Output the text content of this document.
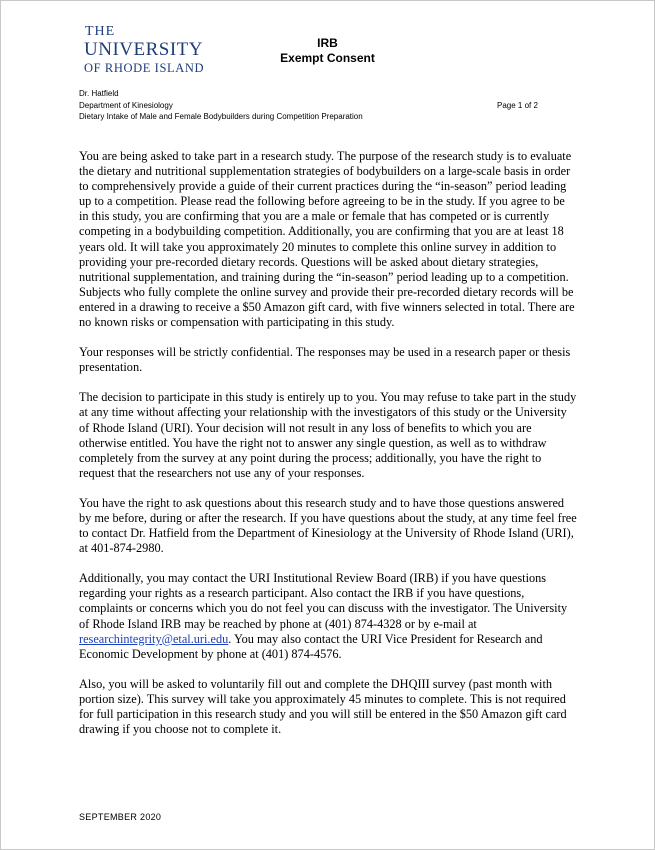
THE
UNIVERSITY
OF RHODE ISLAND
IRB
Exempt Consent
Dr. Hatfield
Department of Kinesiology
Dietary Intake of Male and Female Bodybuilders during Competition Preparation
Page 1 of 2

You are being asked to take part in a research study. The purpose of the research study is to evaluate the dietary and nutritional supplementation strategies of bodybuilders on a large-scale basis in order to comprehensively provide a guide of their current practices during the “in-season” period leading up to a competition. Please read the following before agreeing to be in the study. If you agree to be in this study, you are confirming that you are a male or female that has competed or is currently competing in a bodybuilding competition. Additionally, you are confirming that you are at least 18 years old. It will take you approximately 20 minutes to complete this online survey in addition to providing your pre-recorded dietary records. Questions will be asked about dietary strategies, nutritional supplementation, and training during the “in-season” period leading up to a competition. Subjects who fully complete the online survey and provide their pre-recorded dietary records will be entered in a drawing to receive a $50 Amazon gift card, with five winners selected in total. There are no known risks or compensation with participating in this study.

Your responses will be strictly confidential. The responses may be used in a research paper or thesis presentation.

The decision to participate in this study is entirely up to you. You may refuse to take part in the study at any time without affecting your relationship with the investigators of this study or the University of Rhode Island (URI). Your decision will not result in any loss of benefits to which you are otherwise entitled. You have the right not to answer any single question, as well as to withdraw completely from the survey at any point during the process; additionally, you have the right to request that the researchers not use any of your responses.

You have the right to ask questions about this research study and to have those questions answered by me before, during or after the research. If you have questions about the study, at any time feel free to contact Dr. Hatfield from the Department of Kinesiology at the University of Rhode Island (URI), at 401-874-2980.

Additionally, you may contact the URI Institutional Review Board (IRB) if you have questions regarding your rights as a research participant. Also contact the IRB if you have questions, complaints or concerns which you do not feel you can discuss with the investigator. The University of Rhode Island IRB may be reached by phone at (401) 874-4328 or by e-mail at researchintegrity@etal.uri.edu. You may also contact the URI Vice President for Research and Economic Development by phone at (401) 874-4576.

Also, you will be asked to voluntarily fill out and complete the DHQIII survey (past month with portion size). This survey will take you approximately 45 minutes to complete. This is not required for full participation in this research study and you will still be entered in the $50 Amazon gift card drawing if you choose not to complete it.

SEPTEMBER 2020
